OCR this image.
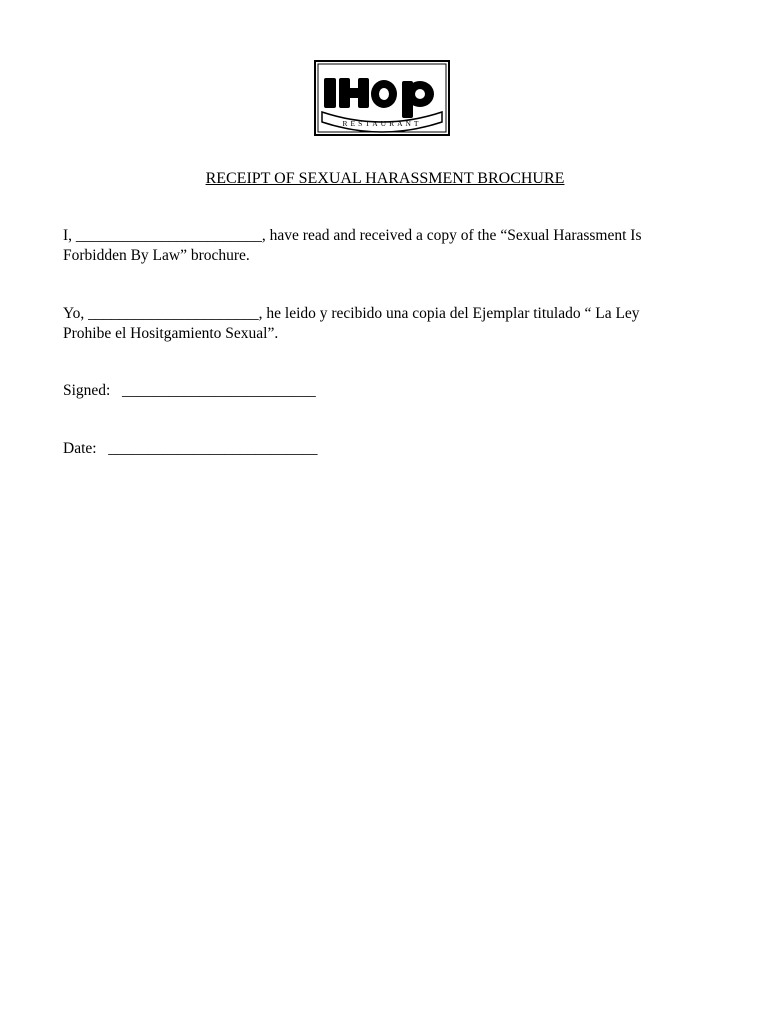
RESTAURANT
RECEIPT OF SEXUAL HARASSMENT BROCHURE
I, ________________________, have read and received a copy of the “Sexual Harassment Is
Forbidden By Law” brochure.
Yo, ______________________, he leido y recibido una copia del Ejemplar titulado “ La Ley
Prohibe el Hositgamiento Sexual”.
Signed: _________________________
Date: ___________________________
